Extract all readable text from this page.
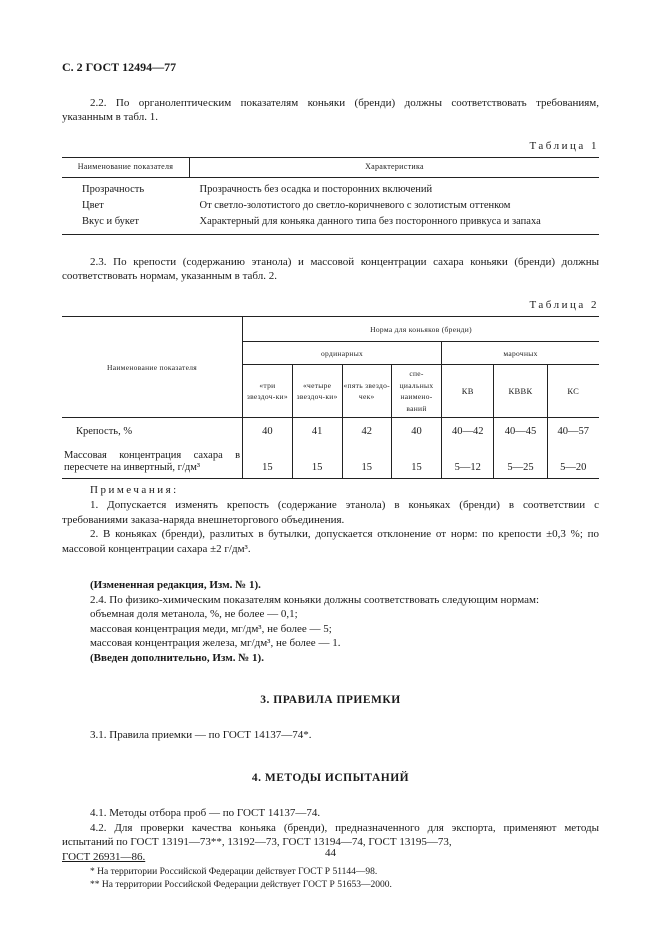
С. 2 ГОСТ 12494—77

2.2. По органолептическим показателям коньяки (бренди) должны соответствовать требованиям, указанным в табл. 1.

Таблица 1
Наименование показателя	Характеристика
Прозрачность	Прозрачность без осадка и посторонних включений
Цвет	От светло-золотистого до светло-коричневого с золотистым оттенком
Вкус и букет	Характерный для коньяка данного типа без посторонного привкуса и запаха

2.3. По крепости (содержанию этанола) и массовой концентрации сахара коньяки (бренди) должны соответствовать нормам, указанным в табл. 2.

Таблица 2
Наименование показателя	Норма для коньяков (бренди)						
	ординарных				марочных		
	«три звездоч-ки»	«четыре звездоч-ки»	«пять звездо-чек»	спе-циальных наимено-ваний	КВ	КВВК	КС
Крепость, %	40	41	42	40	40—42	40—45	40—57
Массовая концентрация сахара в пересчете на инвертный, г/дм³	15	15	15	15	5—12	5—25	5—20

Примечания:

1. Допускается изменять крепость (содержание этанола) в коньяках (бренди) в соответствии с требованиями заказа-наряда внешнеторгового объединения.

2. В коньяках (бренди), разлитых в бутылки, допускается отклонение от норм: по крепости ±0,3 %; по массовой концентрации сахара ±2 г/дм³.

(Измененная редакция, Изм. № 1).

2.4. По физико-химическим показателям коньяки должны соответствовать следующим нормам:

объемная доля метанола, %, не более — 0,1;

массовая концентрация меди, мг/дм³, не более — 5;

массовая концентрация железа, мг/дм³, не более — 1.

(Введен дополнительно, Изм. № 1).

3. ПРАВИЛА ПРИЕМКИ

3.1. Правила приемки — по ГОСТ 14137—74*.

4. МЕТОДЫ ИСПЫТАНИЙ

4.1. Методы отбора проб — по ГОСТ 14137—74.

4.2. Для проверки качества коньяка (бренди), предназначенного для экспорта, применяют методы испытаний по ГОСТ 13191—73**, 13192—73, ГОСТ 13194—74, ГОСТ 13195—73,

ГОСТ 26931—86.

* На территории Российской Федерации действует ГОСТ Р 51144—98.

** На территории Российской Федерации действует ГОСТ Р 51653—2000.

44
